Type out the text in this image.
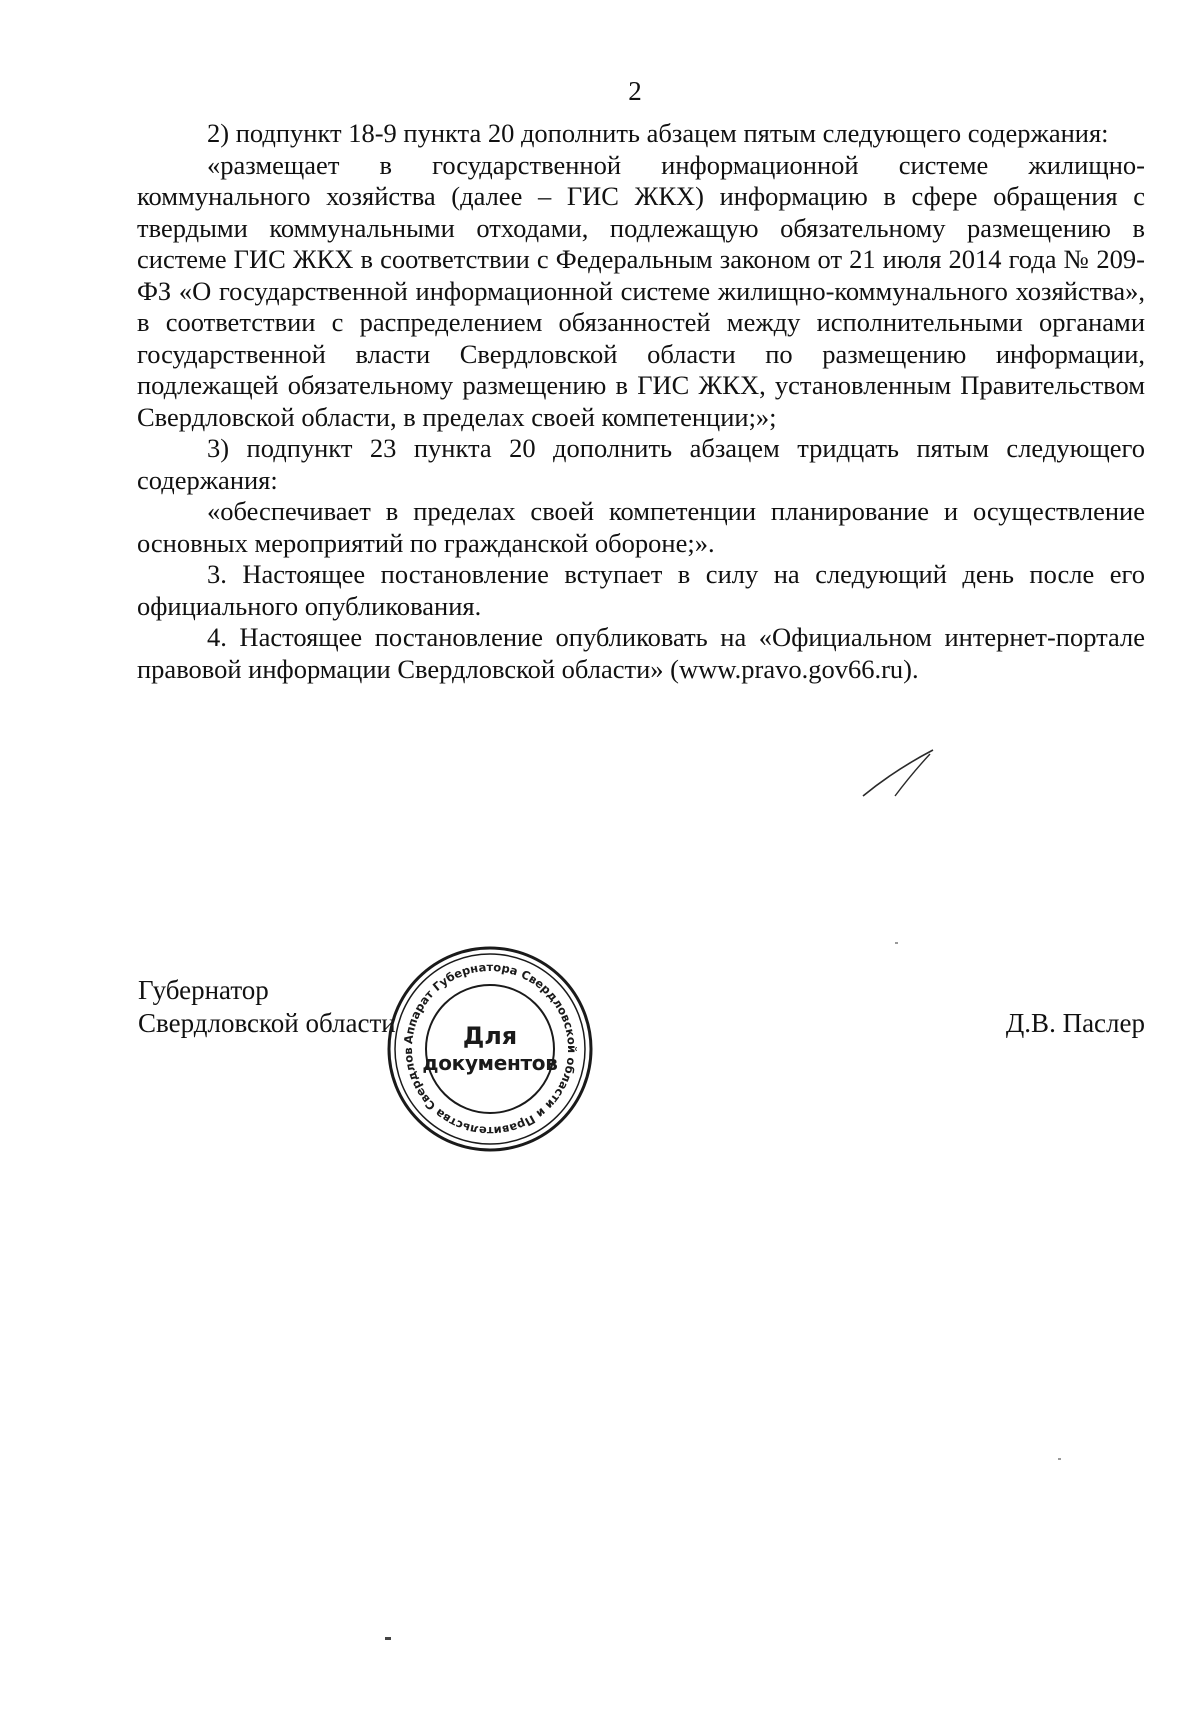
2

2) подпункт 18-9 пункта 20 дополнить абзацем пятым следующего содержания:

«размещает в государственной информационной системе жилищно-коммунального хозяйства (далее – ГИС ЖКХ) информацию в сфере обращения с твердыми коммунальными отходами, подлежащую обязательному размещению в системе ГИС ЖКХ в соответствии с Федеральным законом от 21 июля 2014 года № 209-ФЗ «О государственной информационной системе жилищно-коммунального хозяйства», в соответствии с распределением обязанностей между исполнительными органами государственной власти Свердловской области по размещению информации, подлежащей обязательному размещению в ГИС ЖКХ, установленным Правительством Свердловской области, в пределах своей компетенции;»;

3) подпункт 23 пункта 20 дополнить абзацем тридцать пятым следующего содержания:

«обеспечивает в пределах своей компетенции планирование и осуществление основных мероприятий по гражданской обороне;».

3. Настоящее постановление вступает в силу на следующий день после его официального опубликования.

4. Настоящее постановление опубликовать на «Официальном интернет-портале правовой информации Свердловской области» (www.pravo.gov66.ru).

Губернатор
Свердловской области	Д.В. Паслер
Аппарат Губернатора Свердловской области и Правительства Свердлов
Для
документов
